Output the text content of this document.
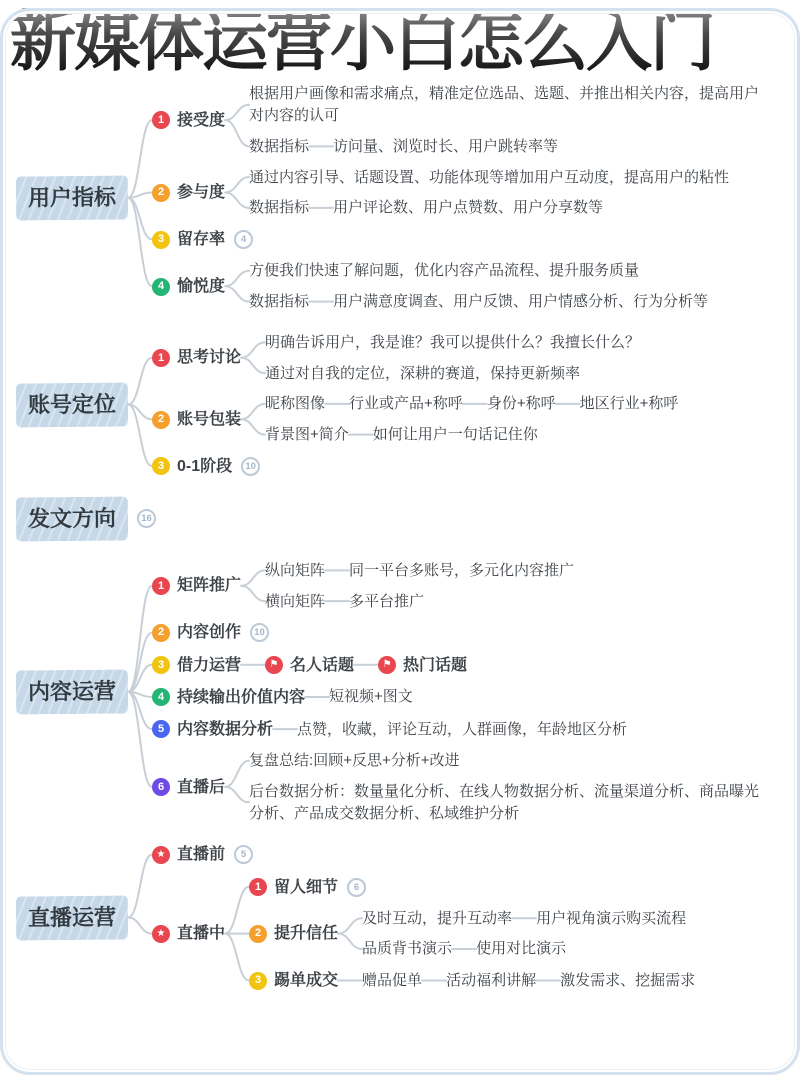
新媒体运营小白怎么入门
用户指标
1 接受度
根据用户画像和需求痛点，精准定位选品、选题、并推出相关内容，提高用户对内容的认可
数据指标 访问量、浏览时长、用户跳转率等
2 参与度
通过内容引导、话题设置、功能体现等增加用户互动度，提高用户的粘性
数据指标 用户评论数、用户点赞数、用户分享数等
3 留存率	4
4 愉悦度
方便我们快速了解问题，优化内容产品流程、提升服务质量
数据指标 用户满意度调查、用户反馈、用户情感分析、行为分析等
账号定位
1 思考讨论
明确告诉用户，我是谁？我可以提供什么？我擅长什么？
通过对自我的定位，深耕的赛道，保持更新频率
2 账号包装
昵称图像 行业或产品+称呼 身份+称呼 地区行业+称呼
背景图+简介 如何让用户一句话记住你
3 0-1阶段	10
发文方向	16
内容运营
1 矩阵推广
纵向矩阵 同一平台多账号，多元化内容推广
横向矩阵 多平台推广
2 内容创作	10
3 借力运营	⚑ 名人话题	⚑ 热门话题
4 持续输出价值内容 短视频+图文
5 内容数据分析 点赞，收藏，评论互动，人群画像，年龄地区分析
6 直播后
复盘总结:回顾+反思+分析+改进
后台数据分析：数量量化分析、在线人物数据分析、流量渠道分析、商品曝光分析、产品成交数据分析、私域维护分析
直播运营
★ 直播前	5
★ 直播中
1 留人细节	6
2 提升信任
及时互动，提升互动率 用户视角演示购买流程
品质背书演示 使用对比演示
3 踢单成交 赠品促单 活动福利讲解 激发需求、挖掘需求
